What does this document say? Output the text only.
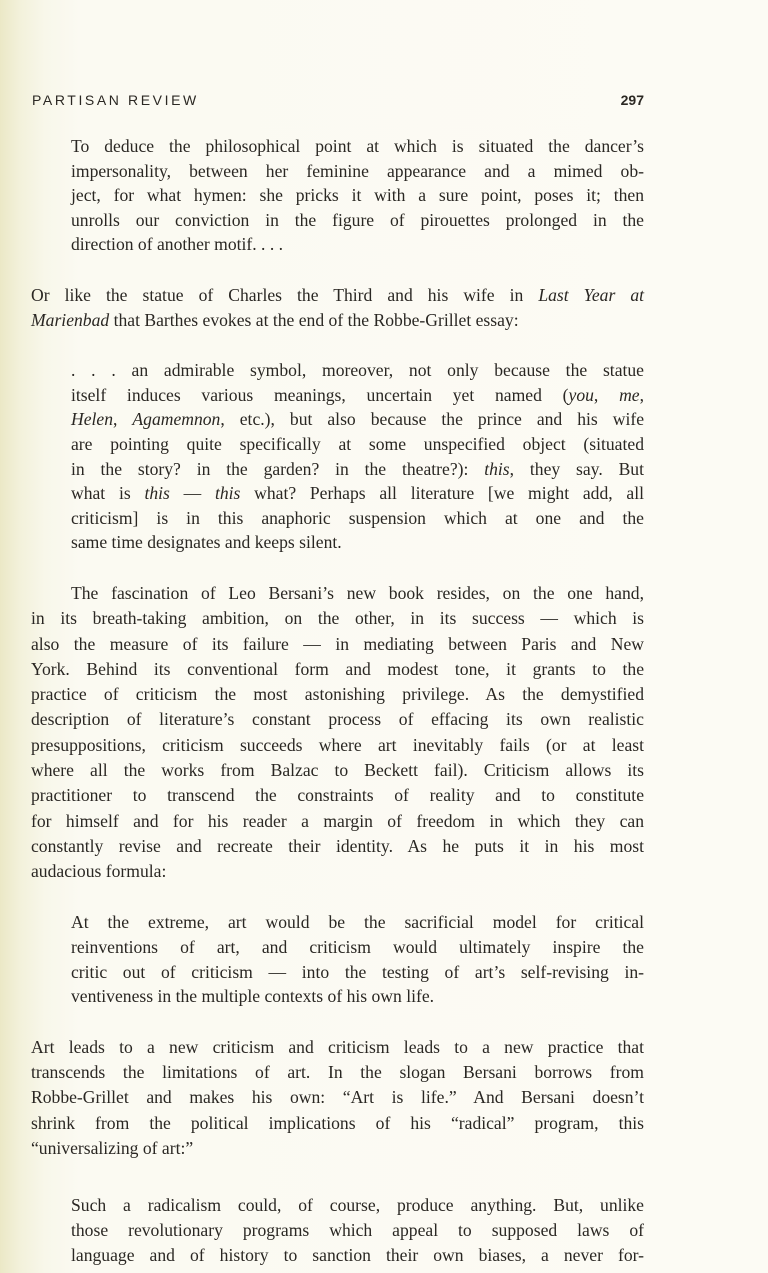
PARTISAN REVIEW	297

To deduce the philosophical point at which is situated the dancer’s
impersonality, between her feminine appearance and a mimed ob-
ject, for what hymen: she pricks it with a sure point, poses it; then
unrolls our conviction in the figure of pirouettes prolonged in the
direction of another motif. . . .

Or like the statue of Charles the Third and his wife in Last Year at
Marienbad that Barthes evokes at the end of the Robbe-Grillet essay:

. . . an admirable symbol, moreover, not only because the statue
itself induces various meanings, uncertain yet named (you, me,
Helen, Agamemnon, etc.), but also because the prince and his wife
are pointing quite specifically at some unspecified object (situated
in the story? in the garden? in the theatre?): this, they say. But
what is this — this what? Perhaps all literature [we might add, all
criticism] is in this anaphoric suspension which at one and the
same time designates and keeps silent.

The fascination of Leo Bersani’s new book resides, on the one hand,
in its breath-taking ambition, on the other, in its success — which is
also the measure of its failure — in mediating between Paris and New
York. Behind its conventional form and modest tone, it grants to the
practice of criticism the most astonishing privilege. As the demystified
description of literature’s constant process of effacing its own realistic
presuppositions, criticism succeeds where art inevitably fails (or at least
where all the works from Balzac to Beckett fail). Criticism allows its
practitioner to transcend the constraints of reality and to constitute
for himself and for his reader a margin of freedom in which they can
constantly revise and recreate their identity. As he puts it in his most
audacious formula:

At the extreme, art would be the sacrificial model for critical
reinventions of art, and criticism would ultimately inspire the
critic out of criticism — into the testing of art’s self-revising in-
ventiveness in the multiple contexts of his own life.

Art leads to a new criticism and criticism leads to a new practice that
transcends the limitations of art. In the slogan Bersani borrows from
Robbe-Grillet and makes his own: “Art is life.” And Bersani doesn’t
shrink from the political implications of his “radical” program, this
“universalizing of art:”

Such a radicalism could, of course, produce anything. But, unlike
those revolutionary programs which appeal to supposed laws of
language and of history to sanction their own biases, a never for-
